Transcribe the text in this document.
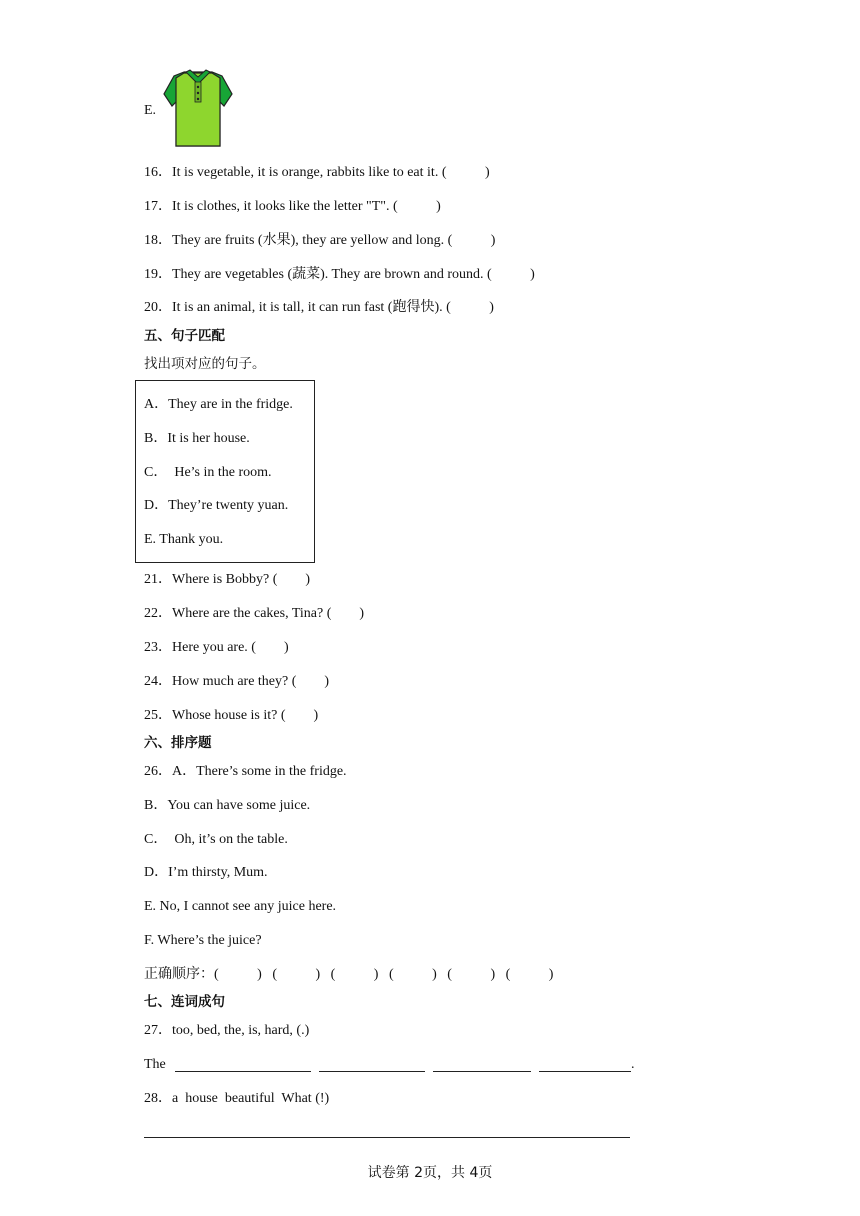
E.
16．It is vegetable, it is orange, rabbits like to eat it. (           )
17．It is clothes, it looks like the letter "T". (           )
18．They are fruits (水果), they are yellow and long. (           )
19．They are vegetables (蔬菜). They are brown and round. (           )
20．It is an animal, it is tall, it can run fast (跑得快). (           )
五、句子匹配
找出项对应的句子。
A．They are in the fridge.
B．It is her house.
C．  He’s in the room.
D．They’re twenty yuan.
E. Thank you.
21．Where is Bobby? (        )
22．Where are the cakes, Tina? (        )
23．Here you are. (        )
24．How much are they? (        )
25．Whose house is it? (        )
六、排序题
26．A．There’s some in the fridge.
B．You can have some juice.
C．  Oh, it’s on the table.
D．I’m thirsty, Mum.
E. No, I cannot see any juice here.
F. Where’s the juice?
正确顺序：(           )   (           )   (           )   (           )   (           )   (           )
七、连词成句
27．too, bed, the, is, hard, (.)
The	.
28．a  house  beautiful  What (!)
试卷第 2页，共 4页
